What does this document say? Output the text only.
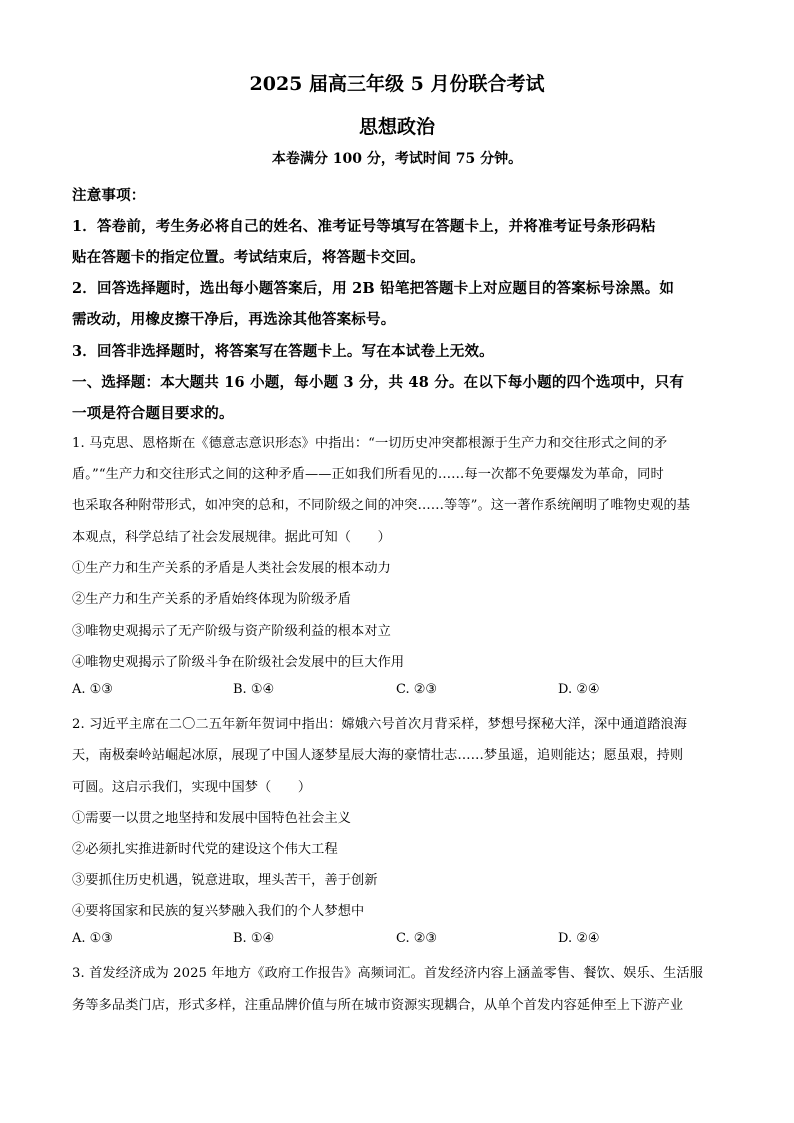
2025 届高三年级 5 月份联合考试
思想政治
本卷满分 100 分，考试时间 75 分钟。
注意事项：
1．答卷前，考生务必将自己的姓名、准考证号等填写在答题卡上，并将准考证号条形码粘
贴在答题卡的指定位置。考试结束后，将答题卡交回。
2．回答选择题时，选出每小题答案后，用 2B 铅笔把答题卡上对应题目的答案标号涂黑。如
需改动，用橡皮擦干净后，再选涂其他答案标号。
3．回答非选择题时，将答案写在答题卡上。写在本试卷上无效。
一、选择题：本大题共 16 小题，每小题 3 分，共 48 分。在以下每小题的四个选项中，只有
一项是符合题目要求的。
1. 马克思、恩格斯在《德意志意识形态》中指出：“一切历史冲突都根源于生产力和交往形式之间的矛
盾。”“生产力和交往形式之间的这种矛盾——正如我们所看见的……每一次都不免要爆发为革命，同时
也采取各种附带形式，如冲突的总和，不同阶级之间的冲突……等等”。这一著作系统阐明了唯物史观的基
本观点，科学总结了社会发展规律。据此可知（　　）
①生产力和生产关系的矛盾是人类社会发展的根本动力
②生产力和生产关系的矛盾始终体现为阶级矛盾
③唯物史观揭示了无产阶级与资产阶级利益的根本对立
④唯物史观揭示了阶级斗争在阶级社会发展中的巨大作用
A. ①③	B. ①④	C. ②③	D. ②④
2. 习近平主席在二〇二五年新年贺词中指出：嫦娥六号首次月背采样，梦想号探秘大洋，深中通道踏浪海
天，南极秦岭站崛起冰原，展现了中国人逐梦星辰大海的豪情壮志……梦虽遥，追则能达；愿虽艰，持则
可圆。这启示我们，实现中国梦（　　）
①需要一以贯之地坚持和发展中国特色社会主义
②必须扎实推进新时代党的建设这个伟大工程
③要抓住历史机遇，锐意进取，埋头苦干，善于创新
④要将国家和民族的复兴梦融入我们的个人梦想中
A. ①③	B. ①④	C. ②③	D. ②④
3. 首发经济成为 2025 年地方《政府工作报告》高频词汇。首发经济内容上涵盖零售、餐饮、娱乐、生活服
务等多品类门店，形式多样，注重品牌价值与所在城市资源实现耦合，从单个首发内容延伸至上下游产业
